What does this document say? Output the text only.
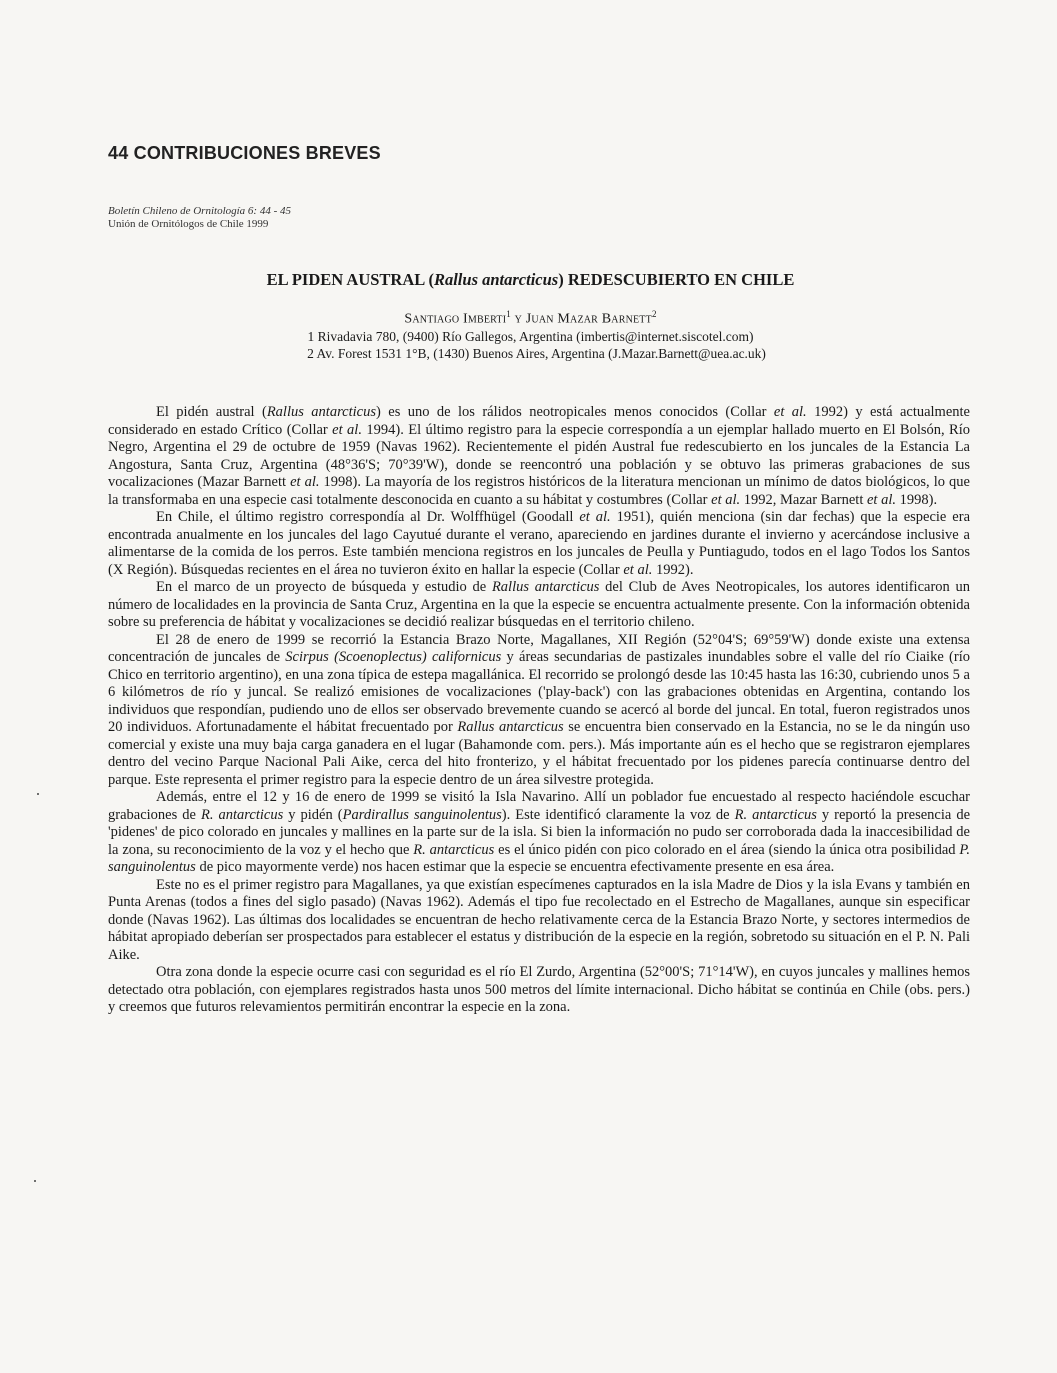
44 CONTRIBUCIONES BREVES
Boletín Chileno de Ornitología 6: 44 - 45
Unión de Ornitólogos de Chile 1999
EL PIDEN AUSTRAL (Rallus antarcticus) REDESCUBIERTO EN CHILE
Santiago Imberti$^1$ y Juan Mazar Barnett$^2$
1 Rivadavia 780, (9400) Río Gallegos, Argentina (imbertis@internet.siscotel.com)
2 Av. Forest 1531 1°B, (1430) Buenos Aires, Argentina (J.Mazar.Barnett@uea.ac.uk)

El pidén austral (Rallus antarcticus) es uno de los rálidos neotropicales menos conocidos (Collar et al. 1992) y está actualmente considerado en estado Crítico (Collar et al. 1994). El último registro para la especie correspondía a un ejemplar hallado muerto en El Bolsón, Río Negro, Argentina el 29 de octubre de 1959 (Navas 1962). Recientemente el pidén Austral fue redescubierto en los juncales de la Estancia La Angostura, Santa Cruz, Argentina (48°36'S; 70°39'W), donde se reencontró una población y se obtuvo las primeras grabaciones de sus vocalizaciones (Mazar Barnett et al. 1998). La mayoría de los registros históricos de la literatura mencionan un mínimo de datos biológicos, lo que la transformaba en una especie casi totalmente desconocida en cuanto a su hábitat y costumbres (Collar et al. 1992, Mazar Barnett et al. 1998).

En Chile, el último registro correspondía al Dr. Wolffhügel (Goodall et al. 1951), quién menciona (sin dar fechas) que la especie era encontrada anualmente en los juncales del lago Cayutué durante el verano, apareciendo en jardines durante el invierno y acercándose inclusive a alimentarse de la comida de los perros. Este también menciona registros en los juncales de Peulla y Puntiagudo, todos en el lago Todos los Santos (X Región). Búsquedas recientes en el área no tuvieron éxito en hallar la especie (Collar et al. 1992).

En el marco de un proyecto de búsqueda y estudio de Rallus antarcticus del Club de Aves Neotropicales, los autores identificaron un número de localidades en la provincia de Santa Cruz, Argentina en la que la especie se encuentra actualmente presente. Con la información obtenida sobre su preferencia de hábitat y vocalizaciones se decidió realizar búsquedas en el territorio chileno.

El 28 de enero de 1999 se recorrió la Estancia Brazo Norte, Magallanes, XII Región (52°04'S; 69°59'W) donde existe una extensa concentración de juncales de Scirpus (Scoenoplectus) californicus y áreas secundarias de pastizales inundables sobre el valle del río Ciaike (río Chico en territorio argentino), en una zona típica de estepa magallánica. El recorrido se prolongó desde las 10:45 hasta las 16:30, cubriendo unos 5 a 6 kilómetros de río y juncal. Se realizó emisiones de vocalizaciones ('play-back') con las grabaciones obtenidas en Argentina, contando los individuos que respondían, pudiendo uno de ellos ser observado brevemente cuando se acercó al borde del juncal. En total, fueron registrados unos 20 individuos. Afortunadamente el hábitat frecuentado por Rallus antarcticus se encuentra bien conservado en la Estancia, no se le da ningún uso comercial y existe una muy baja carga ganadera en el lugar (Bahamonde com. pers.). Más importante aún es el hecho que se registraron ejemplares dentro del vecino Parque Nacional Pali Aike, cerca del hito fronterizo, y el hábitat frecuentado por los pidenes parecía continuarse dentro del parque. Este representa el primer registro para la especie dentro de un área silvestre protegida.

Además, entre el 12 y 16 de enero de 1999 se visitó la Isla Navarino. Allí un poblador fue encuestado al respecto haciéndole escuchar grabaciones de R. antarcticus y pidén (Pardirallus sanguinolentus). Este identificó claramente la voz de R. antarcticus y reportó la presencia de 'pidenes' de pico colorado en juncales y mallines en la parte sur de la isla. Si bien la información no pudo ser corroborada dada la inaccesibilidad de la zona, su reconocimiento de la voz y el hecho que R. antarcticus es el único pidén con pico colorado en el área (siendo la única otra posibilidad P. sanguinolentus de pico mayormente verde) nos hacen estimar que la especie se encuentra efectivamente presente en esa área.

Este no es el primer registro para Magallanes, ya que existían especímenes capturados en la isla Madre de Dios y la isla Evans y también en Punta Arenas (todos a fines del siglo pasado) (Navas 1962). Además el tipo fue recolectado en el Estrecho de Magallanes, aunque sin especificar donde (Navas 1962). Las últimas dos localidades se encuentran de hecho relativamente cerca de la Estancia Brazo Norte, y sectores intermedios de hábitat apropiado deberían ser prospectados para establecer el estatus y distribución de la especie en la región, sobretodo su situación en el P. N. Pali Aike.

Otra zona donde la especie ocurre casi con seguridad es el río El Zurdo, Argentina (52°00'S; 71°14'W), en cuyos juncales y mallines hemos detectado otra población, con ejemplares registrados hasta unos 500 metros del límite internacional. Dicho hábitat se continúa en Chile (obs. pers.) y creemos que futuros relevamientos permitirán encontrar la especie en la zona.
